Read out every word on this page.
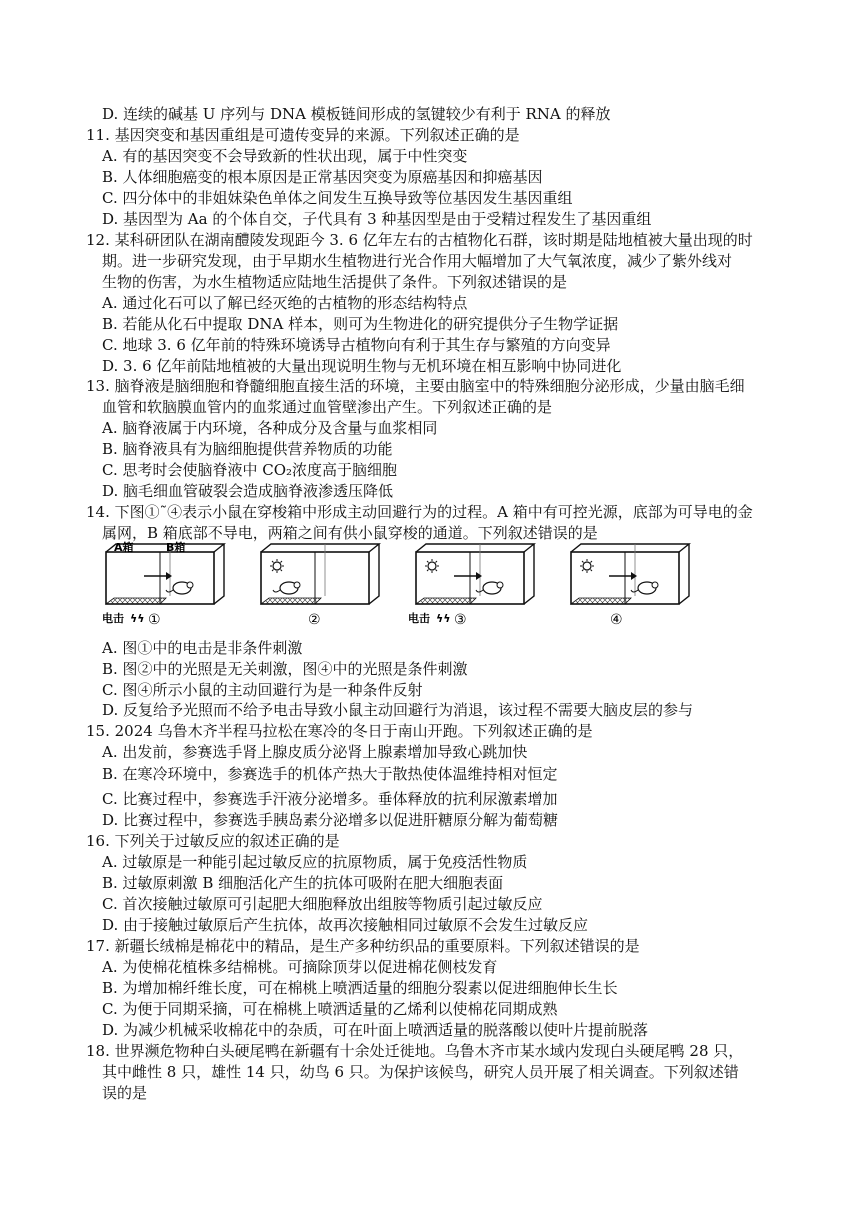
D. 连续的碱基 U 序列与 DNA 模板链间形成的氢键较少有利于 RNA 的释放
11. 基因突变和基因重组是可遗传变异的来源。下列叙述正确的是
A. 有的基因突变不会导致新的性状出现，属于中性突变
B. 人体细胞癌变的根本原因是正常基因突变为原癌基因和抑癌基因
C. 四分体中的非姐妹染色单体之间发生互换导致等位基因发生基因重组
D. 基因型为 Aa 的个体自交，子代具有 3 种基因型是由于受精过程发生了基因重组
12. 某科研团队在湖南醴陵发现距今 3. 6 亿年左右的古植物化石群，该时期是陆地植被大量出现的时
期。进一步研究发现，由于早期水生植物进行光合作用大幅增加了大气氧浓度，减少了紫外线对
生物的伤害，为水生植物适应陆地生活提供了条件。下列叙述错误的是
A. 通过化石可以了解已经灭绝的古植物的形态结构特点
B. 若能从化石中提取 DNA 样本，则可为生物进化的研究提供分子生物学证据
C. 地球 3. 6 亿年前的特殊环境诱导古植物向有利于其生存与繁殖的方向变异
D. 3. 6 亿年前陆地植被的大量出现说明生物与无机环境在相互影响中协同进化
13. 脑脊液是脑细胞和脊髓细胞直接生活的环境，主要由脑室中的特殊细胞分泌形成，少量由脑毛细
血管和软脑膜血管内的血浆通过血管壁渗出产生。下列叙述正确的是
A. 脑脊液属于内环境，各种成分及含量与血浆相同
B. 脑脊液具有为脑细胞提供营养物质的功能
C. 思考时会使脑脊液中 CO₂浓度高于脑细胞
D. 脑毛细血管破裂会造成脑脊液渗透压降低
14. 下图①˜④表示小鼠在穿梭箱中形成主动回避行为的过程。A 箱中有可控光源，底部为可导电的金
属网，B 箱底部不导电，两箱之间有供小鼠穿梭的通道。下列叙述错误的是
A箱	B箱
电击 ϟϟ ①	②	电击 ϟϟ ③	④
A. 图①中的电击是非条件刺激
B. 图②中的光照是无关刺激，图④中的光照是条件刺激
C. 图④所示小鼠的主动回避行为是一种条件反射
D. 反复给予光照而不给予电击导致小鼠主动回避行为消退，该过程不需要大脑皮层的参与
15. 2024 乌鲁木齐半程马拉松在寒冷的冬日于南山开跑。下列叙述正确的是
A. 出发前，参赛选手肾上腺皮质分泌肾上腺素增加导致心跳加快
B. 在寒冷环境中，参赛选手的机体产热大于散热使体温维持相对恒定
C. 比赛过程中，参赛选手汗液分泌增多。垂体释放的抗利尿激素增加
D. 比赛过程中，参赛选手胰岛素分泌增多以促进肝糖原分解为葡萄糖
16. 下列关于过敏反应的叙述正确的是
A. 过敏原是一种能引起过敏反应的抗原物质，属于免疫活性物质
B. 过敏原刺激 B 细胞活化产生的抗体可吸附在肥大细胞表面
C. 首次接触过敏原可引起肥大细胞释放出组胺等物质引起过敏反应
D. 由于接触过敏原后产生抗体，故再次接触相同过敏原不会发生过敏反应
17. 新疆长绒棉是棉花中的精品，是生产多种纺织品的重要原料。下列叙述错误的是
A. 为使棉花植株多结棉桃。可摘除顶芽以促进棉花侧枝发育
B. 为增加棉纤维长度，可在棉桃上喷洒适量的细胞分裂素以促进细胞伸长生长
C. 为便于同期采摘，可在棉桃上喷洒适量的乙烯利以使棉花同期成熟
D. 为减少机械采收棉花中的杂质，可在叶面上喷洒适量的脱落酸以使叶片提前脱落
18. 世界濒危物种白头硬尾鸭在新疆有十余处迁徙地。乌鲁木齐市某水域内发现白头硬尾鸭 28 只，
其中雌性 8 只，雄性 14 只，幼鸟 6 只。为保护该候鸟，研究人员开展了相关调查。下列叙述错
误的是
